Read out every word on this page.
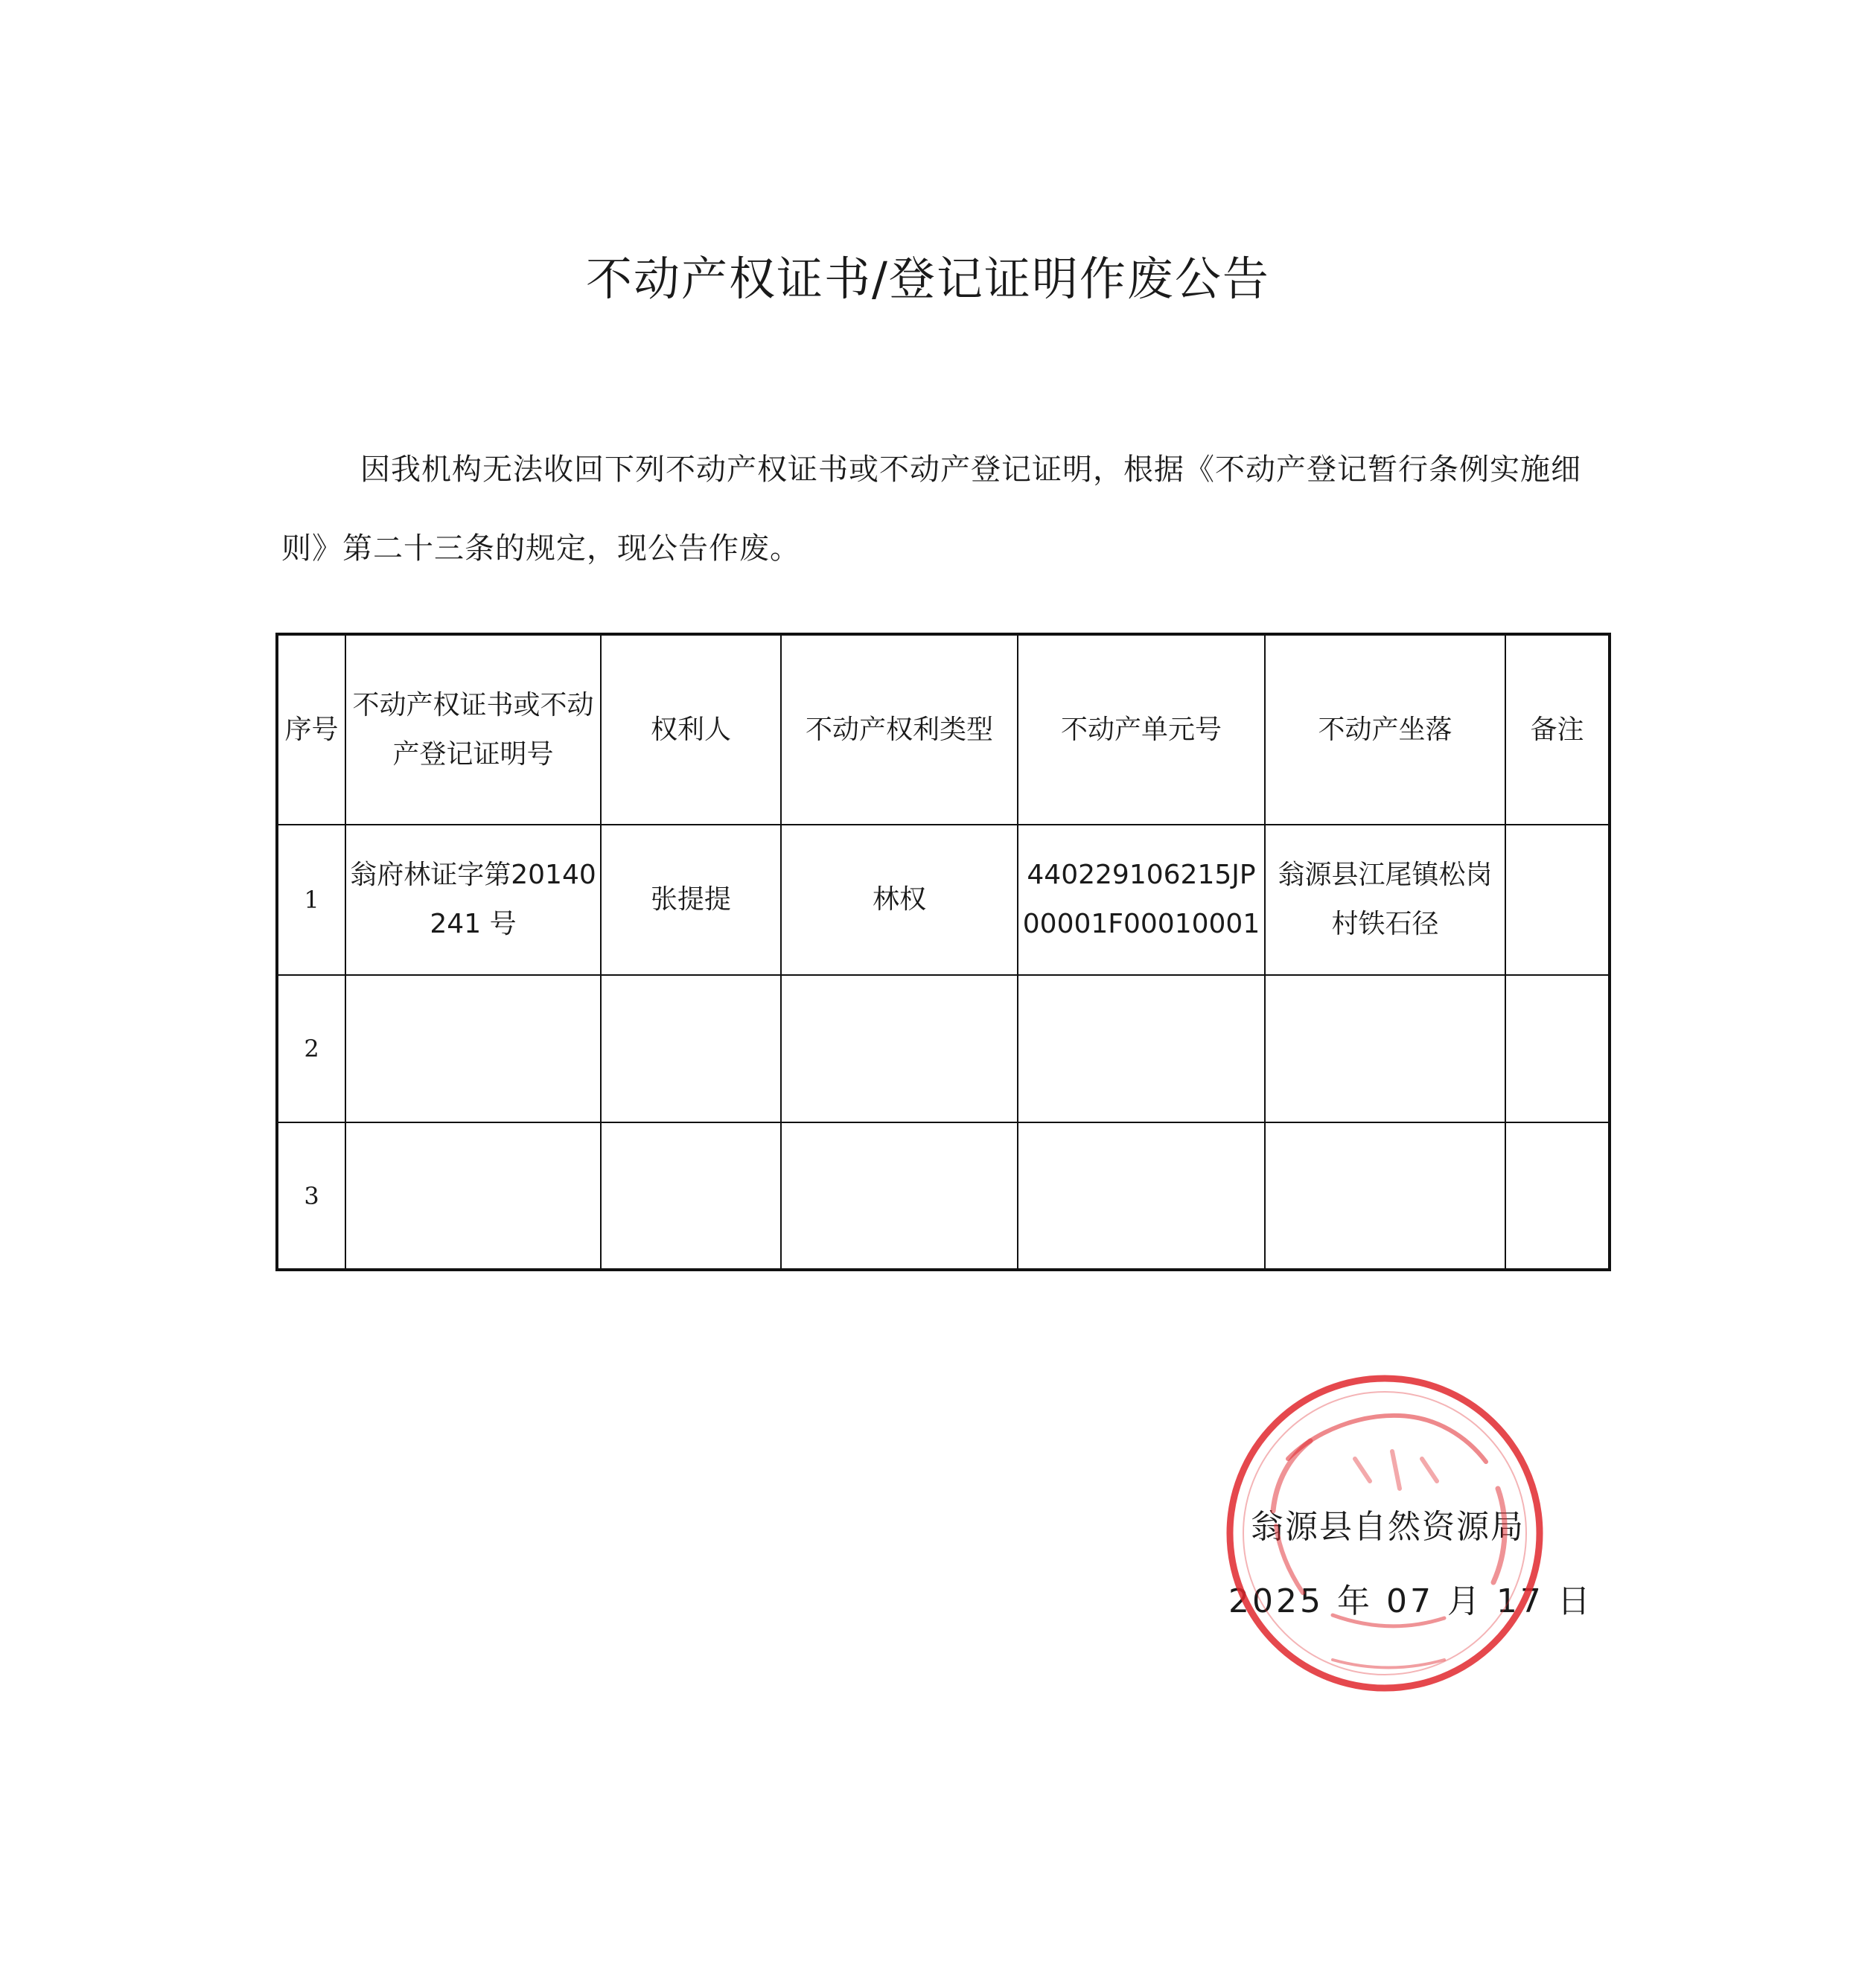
不动产权证书/登记证明作废公告
因我机构无法收回下列不动产权证书或不动产登记证明，根据《不动产登记暂行条例实施细则》第二十三条的规定，现公告作废。
序号	不动产权证书或不动产登记证明号	权利人	不动产权利类型	不动产单元号	不动产坐落	备注
1	翁府林证字第20140241 号	张提提	林权	440229106215JP00001F00010001	翁源县江尾镇松岗村铁石径	
2						
3						
翁源县自然资源局
2025 年 07 月 17 日
